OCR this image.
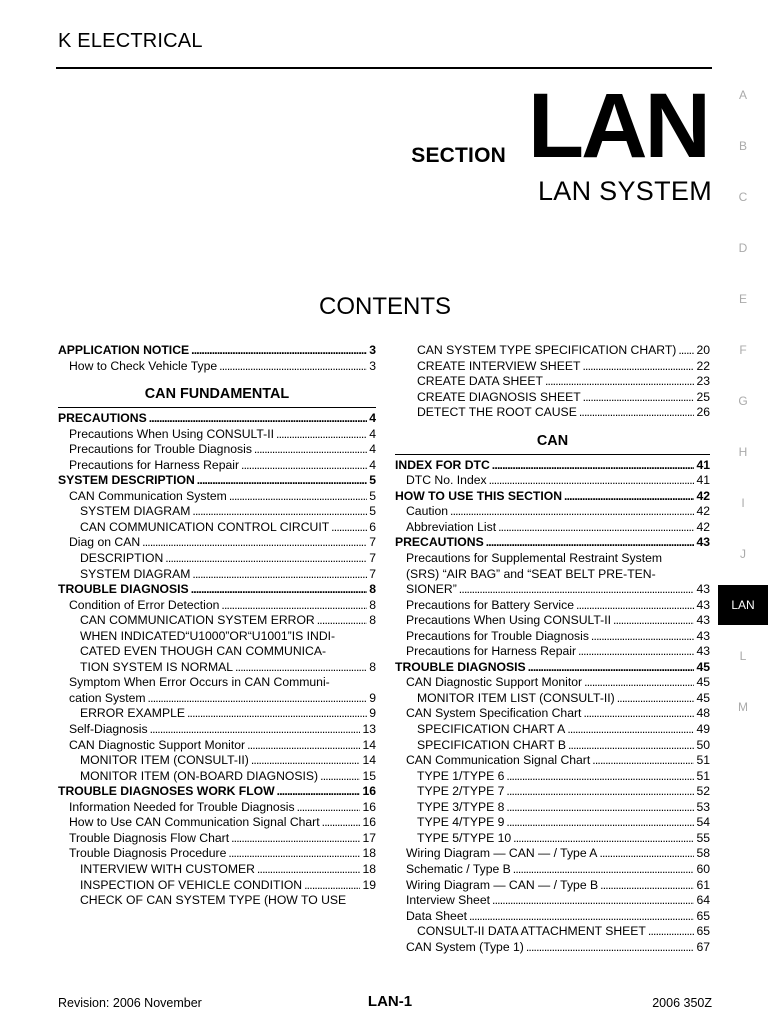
K ELECTRICAL
SECTION LAN
LAN SYSTEM
CONTENTS
APPLICATION NOTICE . . .	3
How to Check Vehicle Type . . .	3
CAN FUNDAMENTAL
PRECAUTIONS . . .	4
Precautions When Using CONSULT-II . . .	4
Precautions for Trouble Diagnosis . . .	4
Precautions for Harness Repair . . .	4
SYSTEM DESCRIPTION . . .	5
CAN Communication System . . .	5
SYSTEM DIAGRAM . . .	5
CAN COMMUNICATION CONTROL CIRCUIT . . .	6
Diag on CAN . . .	7
DESCRIPTION . . .	7
SYSTEM DIAGRAM . . .	7
TROUBLE DIAGNOSIS . . .	8
Condition of Error Detection . . .	8
CAN COMMUNICATION SYSTEM ERROR . . .	8
WHEN INDICATED“U1000”OR“U1001”IS INDI-
CATED EVEN THOUGH CAN COMMUNICA-
TION SYSTEM IS NORMAL . . .	8
Symptom When Error Occurs in CAN Communi-
cation System . . .	9
ERROR EXAMPLE . . .	9
Self-Diagnosis . . .	13
CAN Diagnostic Support Monitor . . .	14
MONITOR ITEM (CONSULT-II) . . .	14
MONITOR ITEM (ON-BOARD DIAGNOSIS) . . .	15
TROUBLE DIAGNOSES WORK FLOW . . .	16
Information Needed for Trouble Diagnosis . . .	16
How to Use CAN Communication Signal Chart . . .	16
Trouble Diagnosis Flow Chart . . .	17
Trouble Diagnosis Procedure . . .	18
INTERVIEW WITH CUSTOMER . . .	18
INSPECTION OF VEHICLE CONDITION . . .	19
CHECK OF CAN SYSTEM TYPE (HOW TO USE
CAN SYSTEM TYPE SPECIFICATION CHART) . . . 20
CREATE INTERVIEW SHEET . . .	22
CREATE DATA SHEET . . .	23
CREATE DIAGNOSIS SHEET . . .	25
DETECT THE ROOT CAUSE . . .	26
CAN
INDEX FOR DTC . . .	41
DTC No. Index . . .	41
HOW TO USE THIS SECTION . . .	42
Caution . . .	42
Abbreviation List . . .	42
PRECAUTIONS . . .	43
Precautions for Supplemental Restraint System
(SRS) “AIR BAG” and “SEAT BELT PRE-TEN-
SIONER” . . .	43
Precautions for Battery Service . . .	43
Precautions When Using CONSULT-II . . .	43
Precautions for Trouble Diagnosis . . .	43
Precautions for Harness Repair . . .	43
TROUBLE DIAGNOSIS . . .	45
CAN Diagnostic Support Monitor . . .	45
MONITOR ITEM LIST (CONSULT-II) . . .	45
CAN System Specification Chart . . .	48
SPECIFICATION CHART A . . .	49
SPECIFICATION CHART B . . .	50
CAN Communication Signal Chart . . .	51
TYPE 1/TYPE 6 . . .	51
TYPE 2/TYPE 7 . . .	52
TYPE 3/TYPE 8 . . .	53
TYPE 4/TYPE 9 . . .	54
TYPE 5/TYPE 10 . . .	55
Wiring Diagram — CAN — / Type A . . .	58
Schematic / Type B . . .	60
Wiring Diagram — CAN — / Type B . . .	61
Interview Sheet . . .	64
Data Sheet . . .	65
CONSULT-II DATA ATTACHMENT SHEET . . .	65
CAN System (Type 1) . . .	67
A
B
C
D
E
F
G
H
I
J
LAN
L
M
Revision: 2006 November	LAN-1	2006 350Z
